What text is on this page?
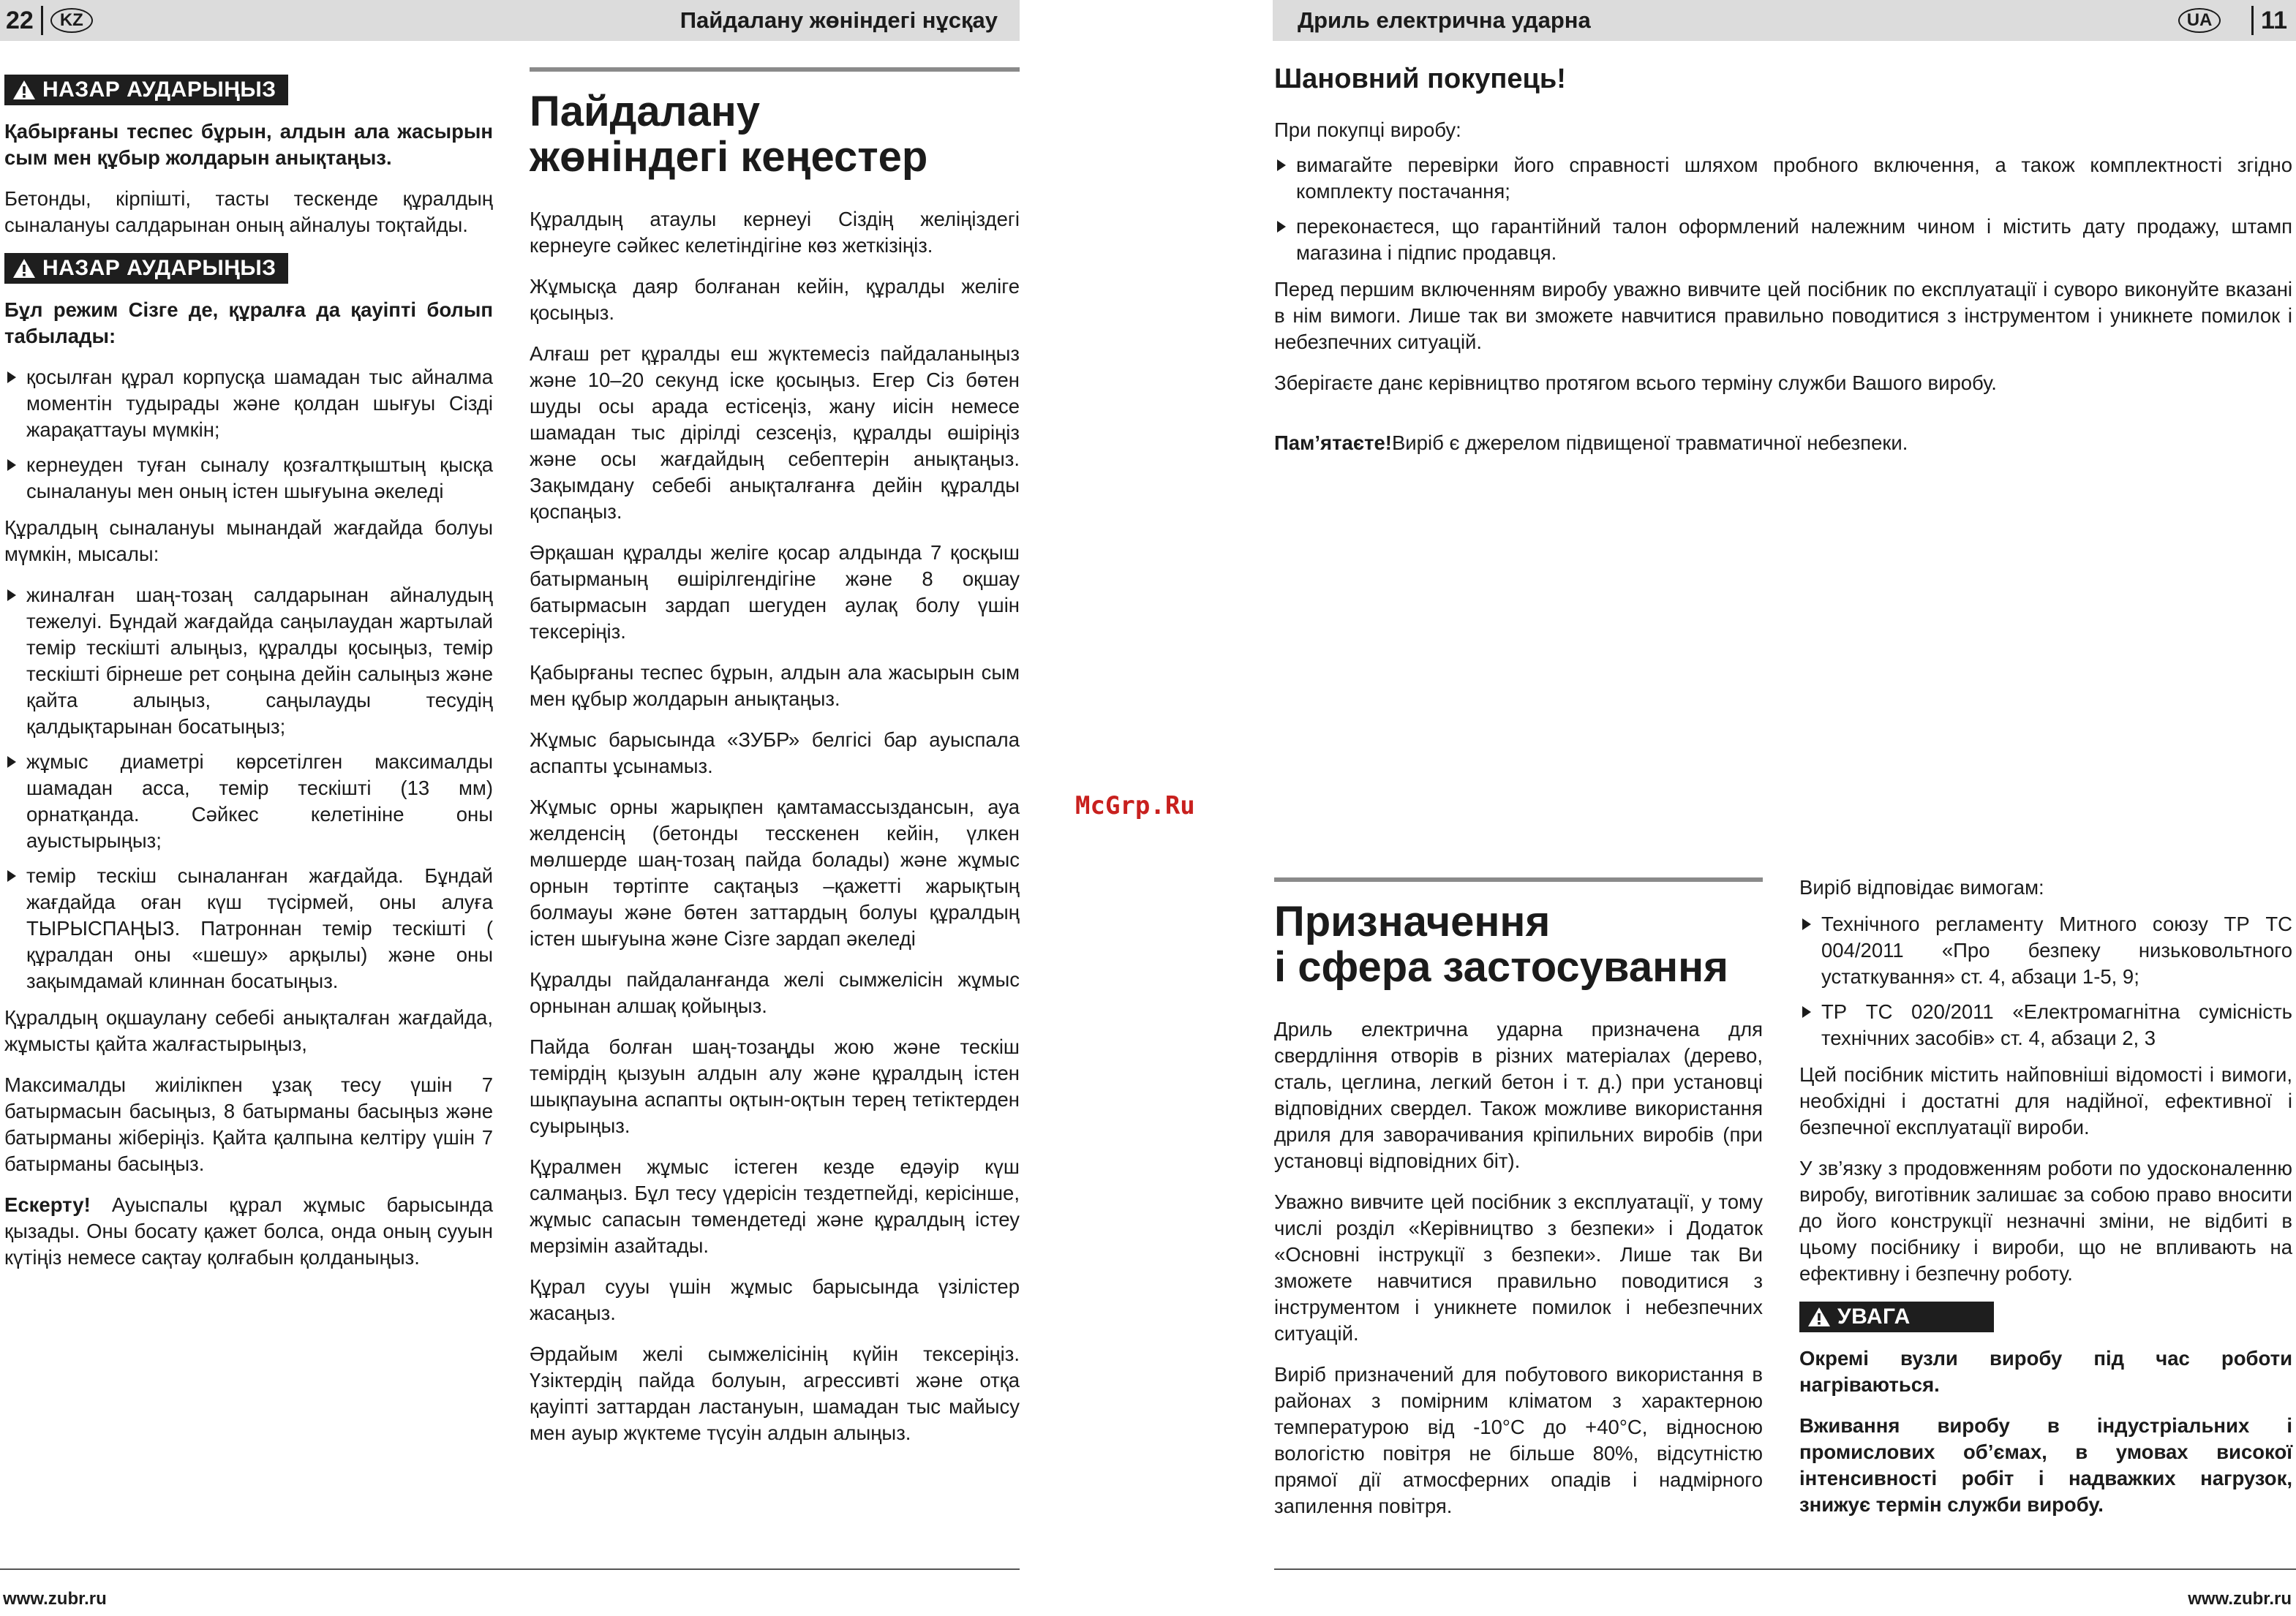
22	KZ	Пайдалану жөніндегі нұсқау
НАЗАР АУДАРЫҢЫЗ

Қабырғаны теспес бұрын, алдын ала жасырын сым мен құбыр жолдарын анықтаңыз.

Бетонды, кірпішті, тасты тескенде құралдың сыналануы салдарынан оның айналуы тоқтайды.

НАЗАР АУДАРЫҢЫЗ

Бұл режим Сізге де, құралға да қауіпті болып табылады:

қосылған құрал корпусқа шамадан тыс айналма моментін тудырады және қолдан шығуы Сізді жарақаттауы мүмкін;
кернеуден туған сыналу қозғалтқыштың қысқа сыналануы мен оның істен шығуына әкеледі

Құралдың сыналануы мынандай жағдайда болуы мүмкін, мысалы:

жиналған шаң-тозаң салдарынан айналудың тежелуі. Бұндай жағдайда саңылаудан жартылай темір тескішті алыңыз, құралды қосыңыз, темір тескішті бірнеше рет соңына дейін салыңыз және қайта алыңыз, саңылауды тесудің қалдықтарынан босатыңыз;
жұмыс диаметрі көрсетілген максималды шамадан асса, темір тескішті (13 мм) орнатқанда. Сәйкес келетініне оны ауыстырыңыз;
темір тескіш сыналанған жағдайда. Бұндай жағдайда оған күш түсірмей, оны алуға ТЫРЫСПАҢЫЗ. Патроннан темір тескішті ( құралдан оны «шешу» арқылы) және оны зақымдамай клиннан босатыңыз.

Құралдың оқшаулану себебі анықталған жағдайда, жұмысты қайта жалғастырыңыз,

Максималды жиілікпен ұзақ тесу үшін 7 батырмасын басыңыз, 8 батырманы басыңыз және батырманы жіберіңіз. Қайта қалпына келтіру үшін 7 батырманы басыңыз.

Ескерту! Ауыспалы құрал жұмыс барысында қызады. Оны босату қажет болса, онда оның сууын күтіңіз немесе сақтау қолғабын қолданыңыз.

Пайдалану
жөніндегі кеңестер

Құралдың атаулы кернеуі Сіздің желіңіздегі кернеуге сәйкес келетіндігіне көз жеткізіңіз.

Жұмысқа даяр болғанан кейін, құралды желіге қосыңыз.

Алғаш рет құралды еш жүктемесіз пайдаланыңыз және 10–20 секунд іске қосыңыз. Егер Сіз бөтен шуды осы арада естісеңіз, жану иісін немесе шамадан тыс дірілді сезсеңіз, құралды өшіріңіз және осы жағдайдың себептерін анықтаңыз. Зақымдану себебі анықталғанға дейін құралды қоспаңыз.

Әрқашан құралды желіге қосар алдында 7 қосқыш батырманың өшірілгендігіне және 8 оқшау батырмасын зардап шегуден аулақ болу үшін тексеріңіз.

Қабырғаны теспес бұрын, алдын ала жасырын сым мен құбыр жолдарын анықтаңыз.

Жұмыс барысында «ЗУБР» белгісі бар ауыспала аспапты ұсынамыз.

Жұмыс орны жарықпен қамтамассыздансын, ауа желденсің (бетонды тесскенен кейін, үлкен мөлшерде шаң-тозаң пайда болады) және жұмыс орнын төртіпте сақтаңыз –қажетті жарықтың болмауы және бөтен заттардың болуы құралдың істен шығуына және Сізге зардап әкеледі

Құралды пайдаланғанда желі сымжелісін жұмыс орнынан алшақ қойыңыз.

Пайда болған шаң-тозаңды жою және тескіш темірдің қызуын алдын алу және құралдың істен шықпауына аспапты оқтын-оқтын терең тетіктерден суырыңыз.

Құралмен жұмыс істеген кезде едәуір күш салмаңыз. Бұл тесу үдерісін тездетпейді, керісінше, жұмыс сапасын төмендетеді және құралдың істеу мерзімін азайтады.

Құрал сууы үшін жұмыс барысында үзілістер жасаңыз.

Әрдайым желі сымжелісінің күйін тексеріңіз. Үзіктердің пайда болуын, агрессивті және отқа қауіпті заттардан ластануын, шамадан тыс майысу мен ауыр жүктеме түсуін алдын алыңыз.

www.zubr.ru
McGrp.Ru
Дриль електрична ударна	UA	11
Шановний покупець!

При покупці виробу:

вимагайте перевірки його справності шляхом пробного включення, а також комплектності згідно комплекту постачання;
переконаєтеся, що гарантійний талон оформлений належним чином і містить дату продажу, штамп магазина і підпис продавця.

Перед першим включенням виробу уважно вивчите цей посібник по експлуатації і суворо виконуйте вказані в нім вимоги. Лише так ви зможете навчитися правильно поводитися з інструментом і уникнете помилок і небезпечних ситуацій.

Зберігаєте данє керівництво протягом всього терміну служби Вашого виробу.

Пам’ятаєте!Виріб є джерелом підвищеної травматичної небезпеки.

Призначення
і сфера застосування

Дриль електрична ударна призначена для свердління отворів в різних матеріалах (дерево, сталь, цеглина, легкий бетон і т. д.) при установці відповідних свердел. Також можливе використання дриля для заворачивания кріпильних виробів (при установці відповідних біт).

Уважно вивчите цей посібник з експлуатації, у тому числі розділ «Керівництво з безпеки» і Додаток «Основні інструкції з безпеки». Лише так Ви зможете навчитися правильно поводитися з інструментом і уникнете помилок і небезпечних ситуацій.

Виріб призначений для побутового використання в районах з помірним кліматом з характерною температурою від -10°С до +40°С, відносною вологістю повітря не більше 80%, відсутністю прямої дії атмосферних опадів і надмірного запилення повітря.

Виріб відповідає вимогам:

Технічного регламенту Митного союзу ТР ТС 004/2011 «Про безпеку низьковольтного устаткування» ст. 4, абзаци 1-5, 9;
ТР ТС 020/2011 «Електромагнітна сумісність технічних засобів» ст. 4, абзаци 2, 3

Цей посібник містить найповніші відомості і вимоги, необхідні і достатні для надійної, ефективної і безпечної експлуатації вироби.

У зв’язку з продовженням роботи по удосконаленню виробу, виготівник залишає за собою право вносити до його конструкції незначні зміни, не відбиті в цьому посібнику і вироби, що не впливають на ефективну і безпечну роботу.

УВАГА

Окремі вузли виробу під час роботи нагріваються.

Вживання виробу в індустріальних і промислових об’ємах, в умовах високої інтенсивності робіт і надважких нагрузок, знижує термін служби виробу.

www.zubr.ru
